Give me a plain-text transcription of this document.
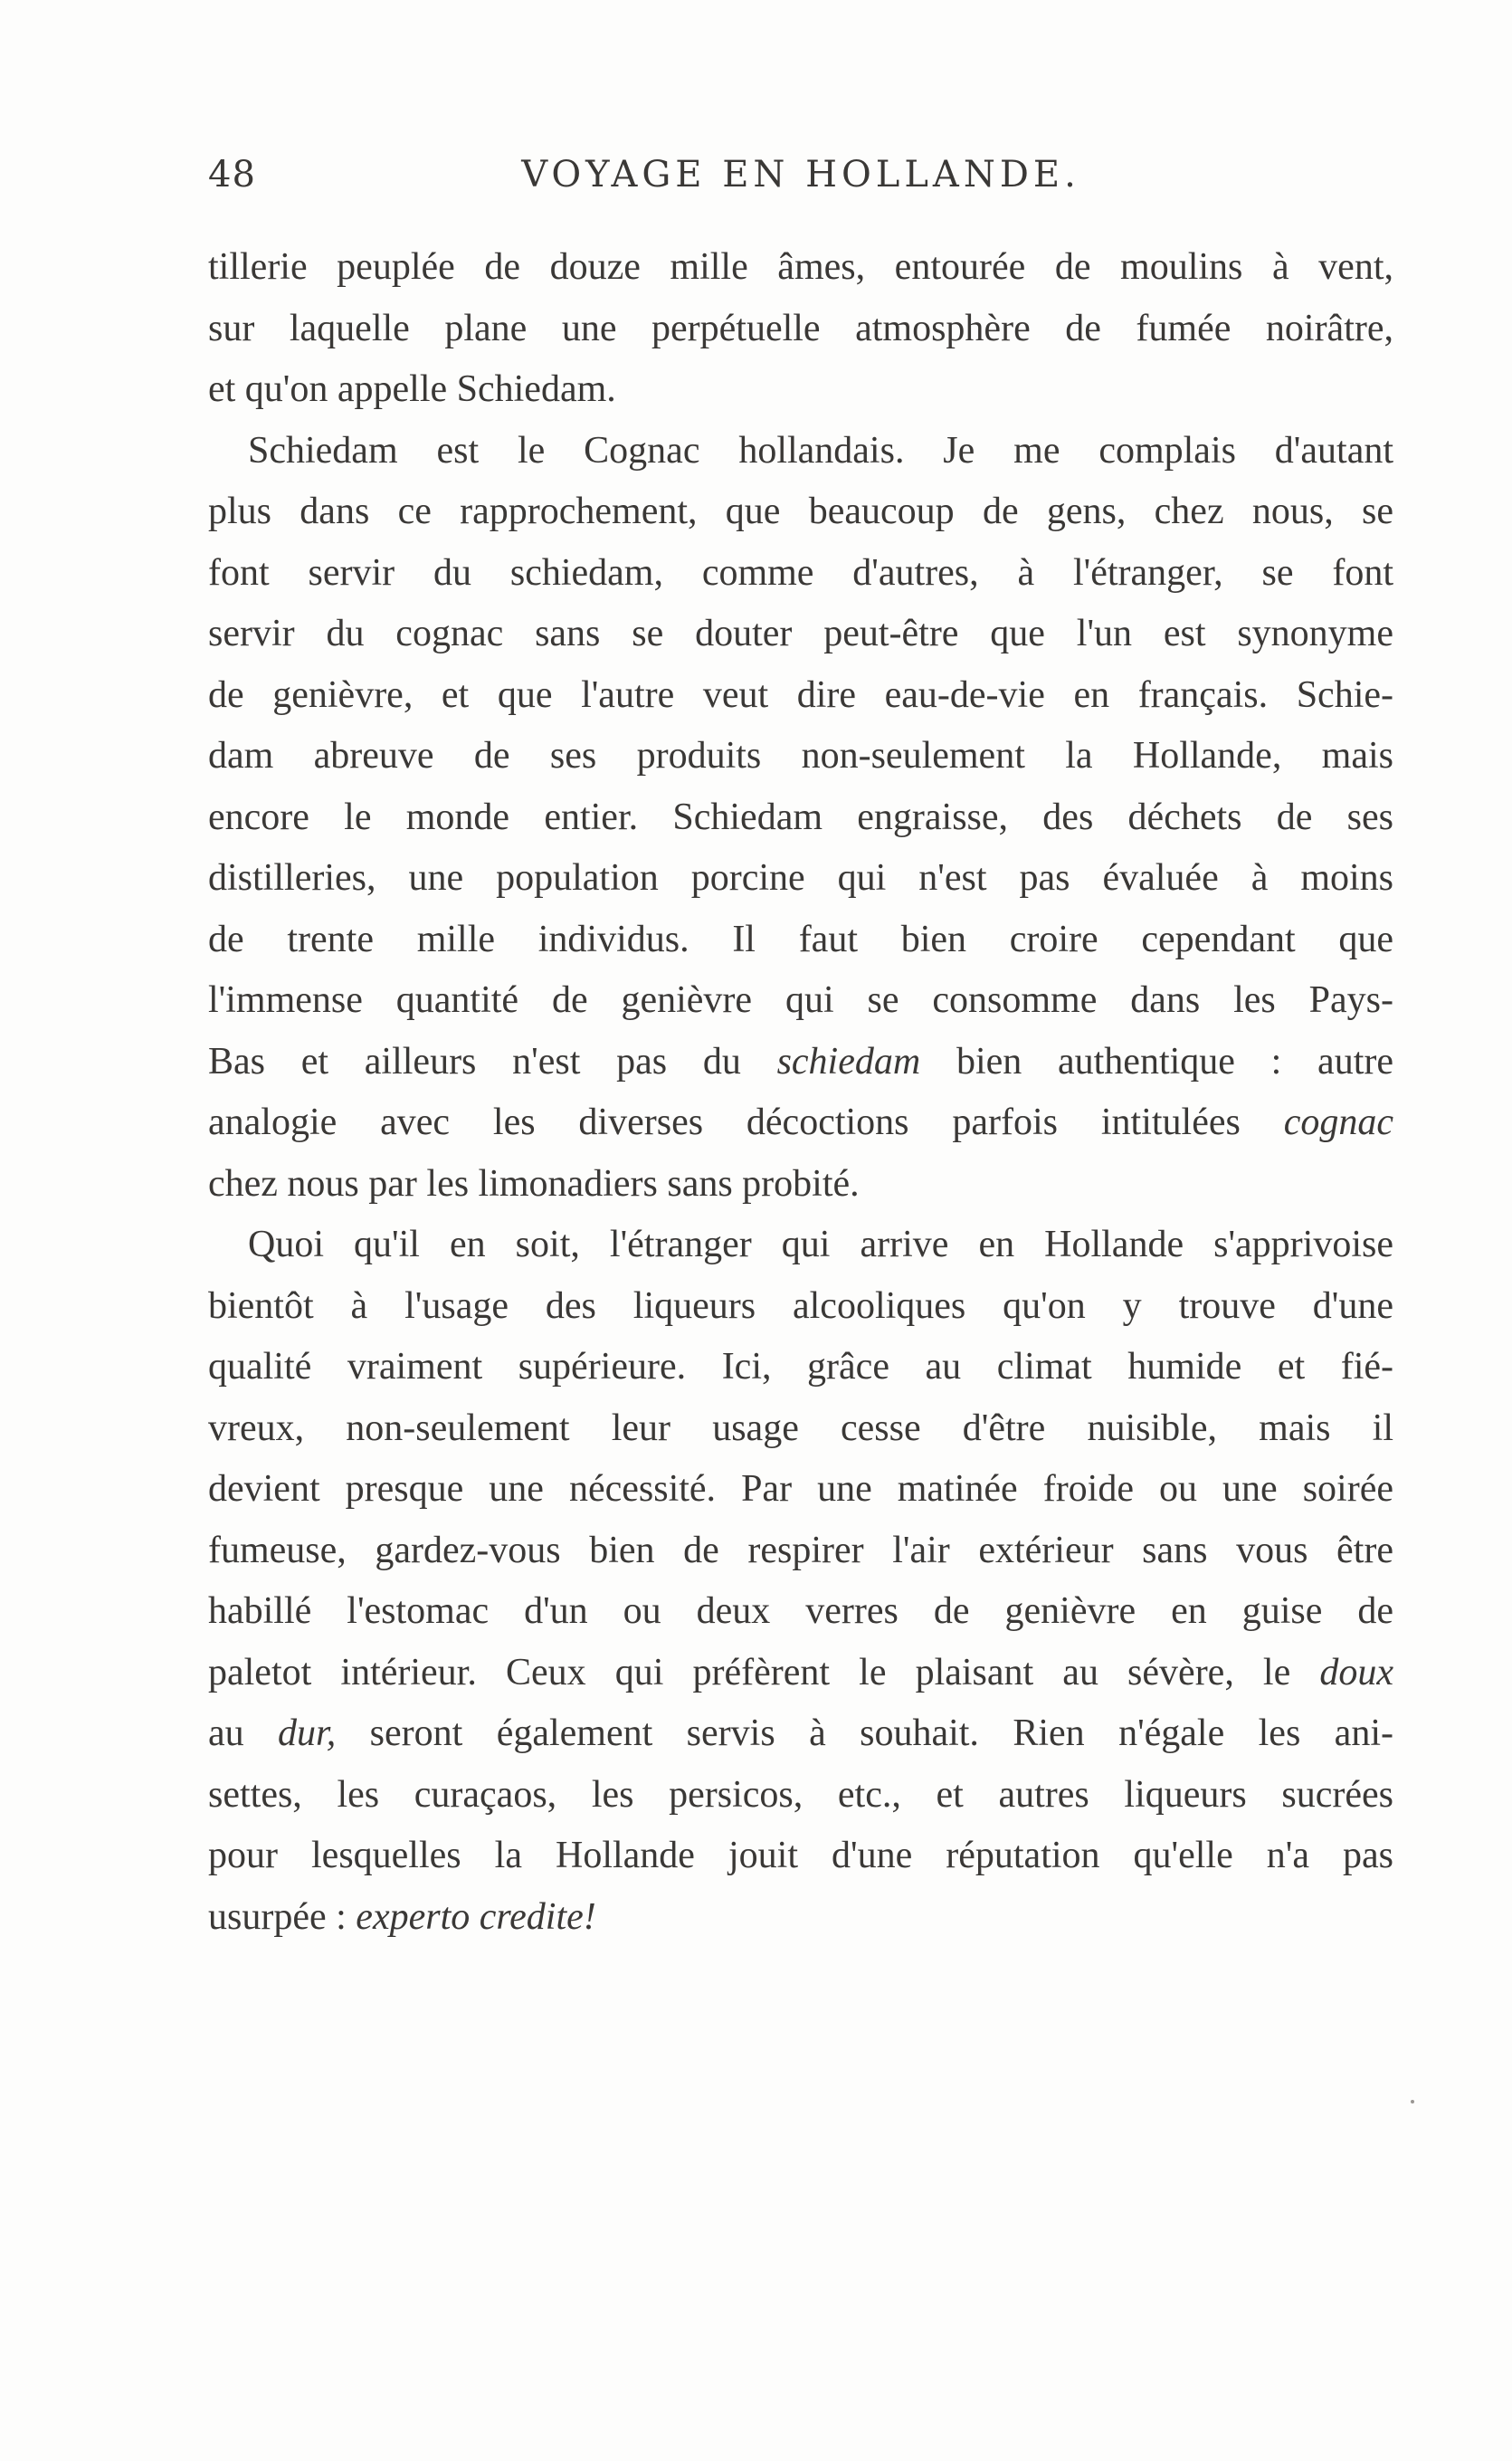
48	VOYAGE EN HOLLANDE.
tillerie peuplée de douze mille âmes, entourée de moulins à vent,
sur laquelle plane une perpétuelle atmosphère de fumée noirâtre,
et qu'on appelle Schiedam.
Schiedam est le Cognac hollandais. Je me complais d'autant
plus dans ce rapprochement, que beaucoup de gens, chez nous, se
font servir du schiedam, comme d'autres, à l'étranger, se font
servir du cognac sans se douter peut-être que l'un est synonyme
de genièvre, et que l'autre veut dire eau-de-vie en français. Schie-
dam abreuve de ses produits non-seulement la Hollande, mais
encore le monde entier. Schiedam engraisse, des déchets de ses
distilleries, une population porcine qui n'est pas évaluée à moins
de trente mille individus. Il faut bien croire cependant que
l'immense quantité de genièvre qui se consomme dans les Pays-
Bas et ailleurs n'est pas du schiedam bien authentique : autre
analogie avec les diverses décoctions parfois intitulées cognac
chez nous par les limonadiers sans probité.
Quoi qu'il en soit, l'étranger qui arrive en Hollande s'apprivoise
bientôt à l'usage des liqueurs alcooliques qu'on y trouve d'une
qualité vraiment supérieure. Ici, grâce au climat humide et fié-
vreux, non-seulement leur usage cesse d'être nuisible, mais il
devient presque une nécessité. Par une matinée froide ou une soirée
fumeuse, gardez-vous bien de respirer l'air extérieur sans vous être
habillé l'estomac d'un ou deux verres de genièvre en guise de
paletot intérieur. Ceux qui préfèrent le plaisant au sévère, le doux
au dur, seront également servis à souhait. Rien n'égale les ani-
settes, les curaçaos, les persicos, etc., et autres liqueurs sucrées
pour lesquelles la Hollande jouit d'une réputation qu'elle n'a pas
usurpée : experto credite!
